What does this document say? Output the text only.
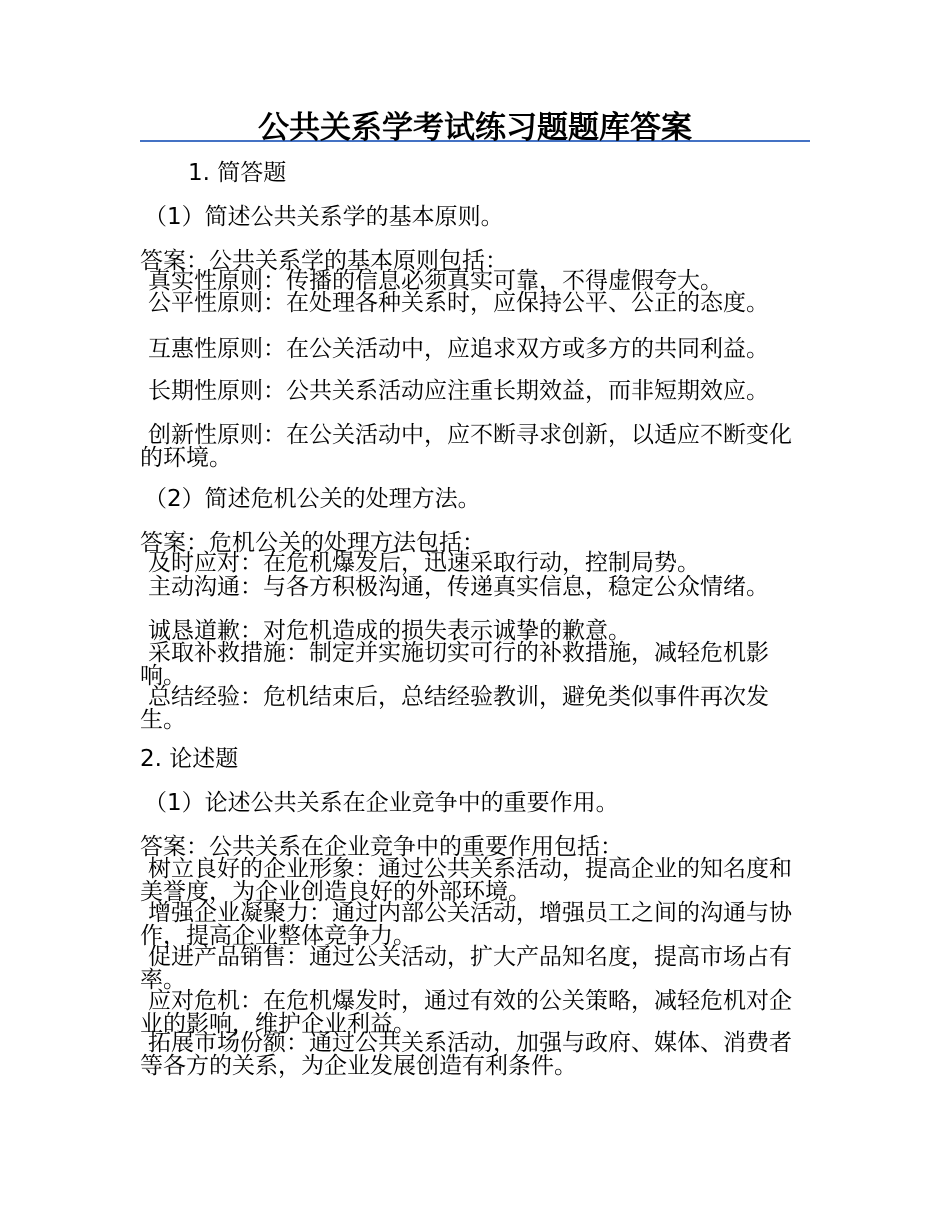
公共关系学考试练习题题库答案
1. 简答题
（1）简述公共关系学的基本原则。
答案：公共关系学的基本原则包括：
真实性原则：传播的信息必须真实可靠，不得虚假夸大。
公平性原则：在处理各种关系时，应保持公平、公正的态度。
互惠性原则：在公关活动中，应追求双方或多方的共同利益。
长期性原则：公共关系活动应注重长期效益，而非短期效应。
创新性原则：在公关活动中，应不断寻求创新，以适应不断变化的环境。
（2）简述危机公关的处理方法。
答案：危机公关的处理方法包括：
及时应对：在危机爆发后，迅速采取行动，控制局势。
主动沟通：与各方积极沟通，传递真实信息，稳定公众情绪。
诚恳道歉：对危机造成的损失表示诚挚的歉意。
采取补救措施：制定并实施切实可行的补救措施，减轻危机影响。
总结经验：危机结束后，总结经验教训，避免类似事件再次发生。
2. 论述题
（1）论述公共关系在企业竞争中的重要作用。
答案：公共关系在企业竞争中的重要作用包括：
树立良好的企业形象：通过公共关系活动，提高企业的知名度和美誉度，为企业创造良好的外部环境。
增强企业凝聚力：通过内部公关活动，增强员工之间的沟通与协作，提高企业整体竞争力。
促进产品销售：通过公关活动，扩大产品知名度，提高市场占有率。
应对危机：在危机爆发时，通过有效的公关策略，减轻危机对企业的影响，维护企业利益。
拓展市场份额：通过公共关系活动，加强与政府、媒体、消费者等各方的关系，为企业发展创造有利条件。
